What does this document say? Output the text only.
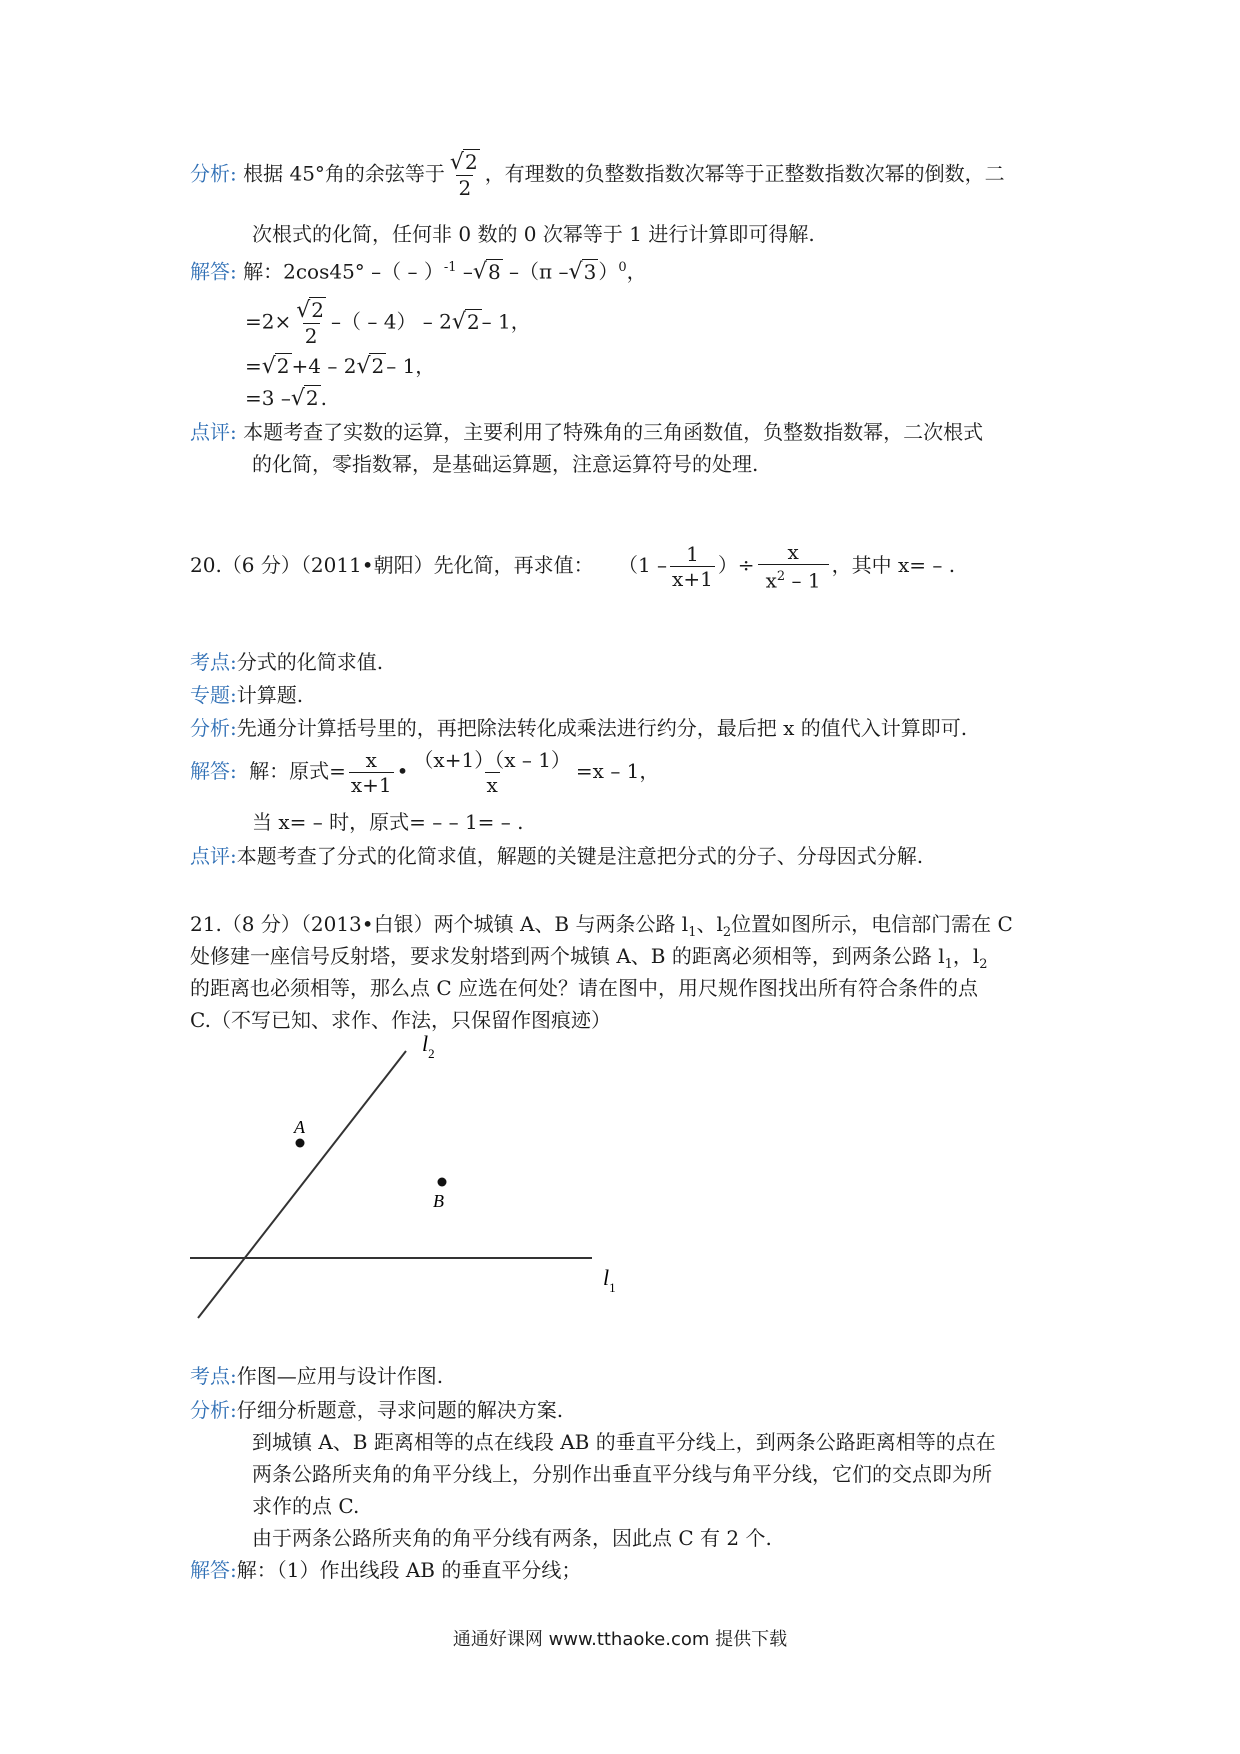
分析: 根据 45°角的余弦等于 $\frac{√2}{2}$ ，有理数的负整数指数次幂等于正整数指数次幂的倒数，二
次根式的化简，任何非 0 数的 0 次幂等于 1 进行计算即可得解.
解答: 解：2cos45° –（ – ）$^{-1}$ –√8 –（π –√3 ）$^0$，
$=2\times \frac{√2}{2}$ –（ – 4） – 2√2 – 1，
=√2 +4 – 2√2 – 1，
=3 –√2 .
点评: 本题考查了实数的运算，主要利用了特殊角的三角函数值，负整数指数幂，二次根式
的化简，零指数幂，是基础运算题，注意运算符号的处理.
20.（6 分）（2011•朝阳）先化简，再求值： （$1 - \frac{1}{x+1}$ ）÷ $\frac{x}{x^2 - 1}$ ，其中 x= – .
考点:分式的化简求值.
专题:计算题.
分析:先通分计算括号里的，再把除法转化成乘法进行约分，最后把 x 的值代入计算即可.
解答: 解：原式= $\frac{x}{x+1}$ • $\frac{(x+1)(x - 1)}{x} =x - 1$，
当 x= – 时，原式= – – 1= – .
点评:本题考查了分式的化简求值，解题的关键是注意把分式的分子、分母因式分解.
21.（8 分）（2013•白银）两个城镇 A、B 与两条公路 $l_1$、$l_2$位置如图所示，电信部门需在 C
处修建一座信号反射塔，要求发射塔到两个城镇 A、B 的距离必须相等，到两条公路 $l_1$，$l_2$
的距离也必须相等，那么点 C 应选在何处？请在图中，用尺规作图找出所有符合条件的点
C.（不写已知、求作、作法，只保留作图痕迹）
A
B
$l_2$
$l_1$
考点:作图—应用与设计作图.
分析:仔细分析题意，寻求问题的解决方案.
到城镇 A、B 距离相等的点在线段 AB 的垂直平分线上，到两条公路距离相等的点在
两条公路所夹角的角平分线上，分别作出垂直平分线与角平分线，它们的交点即为所
求作的点 C.
由于两条公路所夹角的角平分线有两条，因此点 C 有 2 个.
解答:解：（1）作出线段 AB 的垂直平分线；
通通好课网 www.tthaoke.com 提供下载
